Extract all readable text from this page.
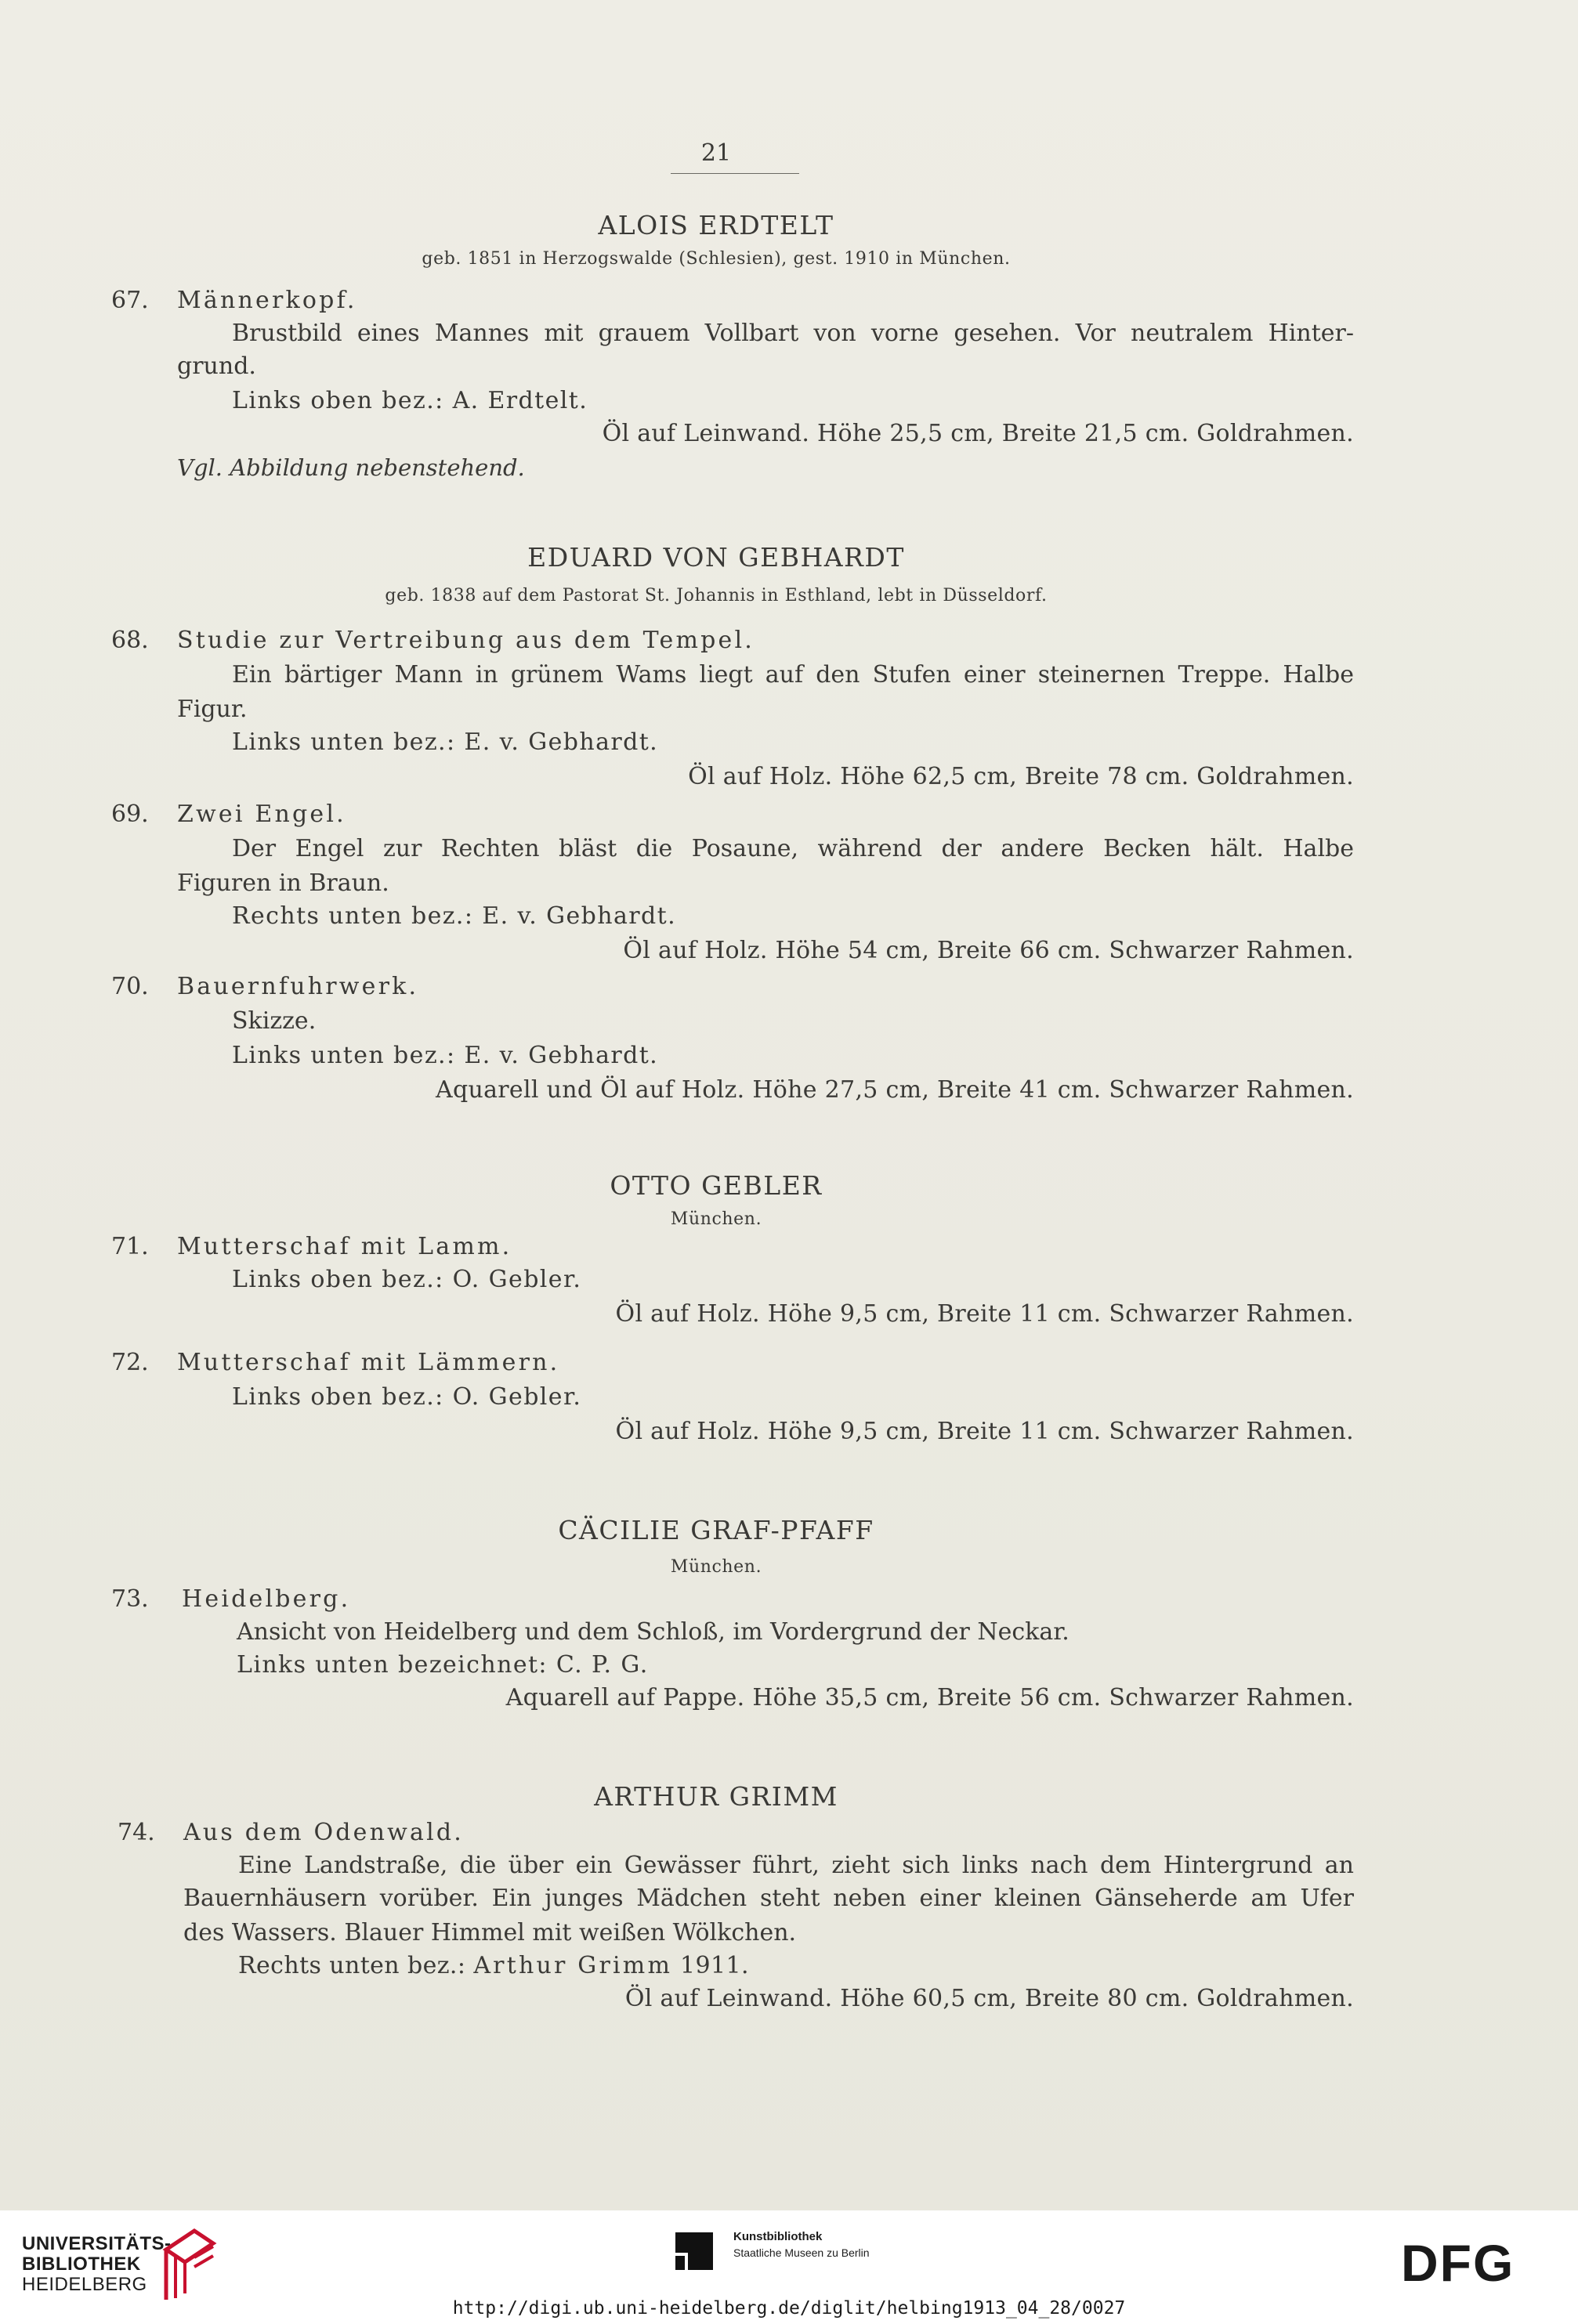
21
ALOIS ERDTELT
geb. 1851 in Herzogswalde (Schlesien), gest. 1910 in München.
67. Männerkopf.
Brustbild eines Mannes mit grauem Vollbart von vorne gesehen. Vor neutralem Hinter-
grund.
Links oben bez.: A. Erdtelt.
Öl auf Leinwand. Höhe 25,5 cm, Breite 21,5 cm. Goldrahmen.
Vgl. Abbildung nebenstehend.
EDUARD VON GEBHARDT
geb. 1838 auf dem Pastorat St. Johannis in Esthland, lebt in Düsseldorf.
68. Studie zur Vertreibung aus dem Tempel.
Ein bärtiger Mann in grünem Wams liegt auf den Stufen einer steinernen Treppe. Halbe
Figur.
Links unten bez.: E. v. Gebhardt.
Öl auf Holz. Höhe 62,5 cm, Breite 78 cm. Goldrahmen.
69. Zwei Engel.
Der Engel zur Rechten bläst die Posaune, während der andere Becken hält. Halbe
Figuren in Braun.
Rechts unten bez.: E. v. Gebhardt.
Öl auf Holz. Höhe 54 cm, Breite 66 cm. Schwarzer Rahmen.
70. Bauernfuhrwerk.
Skizze.
Links unten bez.: E. v. Gebhardt.
Aquarell und Öl auf Holz. Höhe 27,5 cm, Breite 41 cm. Schwarzer Rahmen.
OTTO GEBLER
München.
71. Mutterschaf mit Lamm.
Links oben bez.: O. Gebler.
Öl auf Holz. Höhe 9,5 cm, Breite 11 cm. Schwarzer Rahmen.
72. Mutterschaf mit Lämmern.
Links oben bez.: O. Gebler.
Öl auf Holz. Höhe 9,5 cm, Breite 11 cm. Schwarzer Rahmen.
CÄCILIE GRAF-PFAFF
München.
73. Heidelberg.
Ansicht von Heidelberg und dem Schloß, im Vordergrund der Neckar.
Links unten bezeichnet: C. P. G.
Aquarell auf Pappe. Höhe 35,5 cm, Breite 56 cm. Schwarzer Rahmen.
ARTHUR GRIMM
74. Aus dem Odenwald.
Eine Landstraße, die über ein Gewässer führt, zieht sich links nach dem Hintergrund an
Bauernhäusern vorüber. Ein junges Mädchen steht neben einer kleinen Gänseherde am Ufer
des Wassers. Blauer Himmel mit weißen Wölkchen.
Rechts unten bez.: Arthur Grimm 1911.
Öl auf Leinwand. Höhe 60,5 cm, Breite 80 cm. Goldrahmen.
UNIVERSITÄTS-
BIBLIOTHEK
HEIDELBERG
Kunstbibliothek
Staatliche Museen zu Berlin	DFG
http://digi.ub.uni-heidelberg.de/diglit/helbing1913_04_28/0027
